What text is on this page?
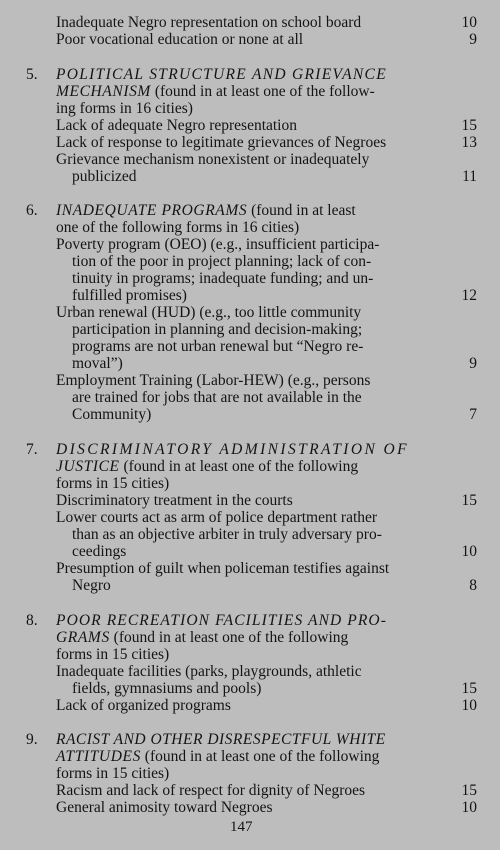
Inadequate Negro representation on school board	10
Poor vocational education or none at all	9
5. POLITICAL STRUCTURE AND GRIEVANCE
MECHANISM (found in at least one of the follow-
ing forms in 16 cities)
Lack of adequate Negro representation	15
Lack of response to legitimate grievances of Negroes	13
Grievance mechanism nonexistent or inadequately
publicized	11
6. INADEQUATE PROGRAMS (found in at least
one of the following forms in 16 cities)
Poverty program (OEO) (e.g., insufficient participa-
tion of the poor in project planning; lack of con-
tinuity in programs; inadequate funding; and un-
fulfilled promises)	12
Urban renewal (HUD) (e.g., too little community
participation in planning and decision-making;
programs are not urban renewal but “Negro re-
moval”)	9
Employment Training (Labor-HEW) (e.g., persons
are trained for jobs that are not available in the
Community)	7
7. DISCRIMINATORY ADMINISTRATION OF
JUSTICE (found in at least one of the following
forms in 15 cities)
Discriminatory treatment in the courts	15
Lower courts act as arm of police department rather
than as an objective arbiter in truly adversary pro-
ceedings	10
Presumption of guilt when policeman testifies against
Negro	8
8. POOR RECREATION FACILITIES AND PRO-
GRAMS (found in at least one of the following
forms in 15 cities)
Inadequate facilities (parks, playgrounds, athletic
fields, gymnasiums and pools)	15
Lack of organized programs	10
9. RACIST AND OTHER DISRESPECTFUL WHITE
ATTITUDES (found in at least one of the following
forms in 15 cities)
Racism and lack of respect for dignity of Negroes	15
General animosity toward Negroes	10
147
